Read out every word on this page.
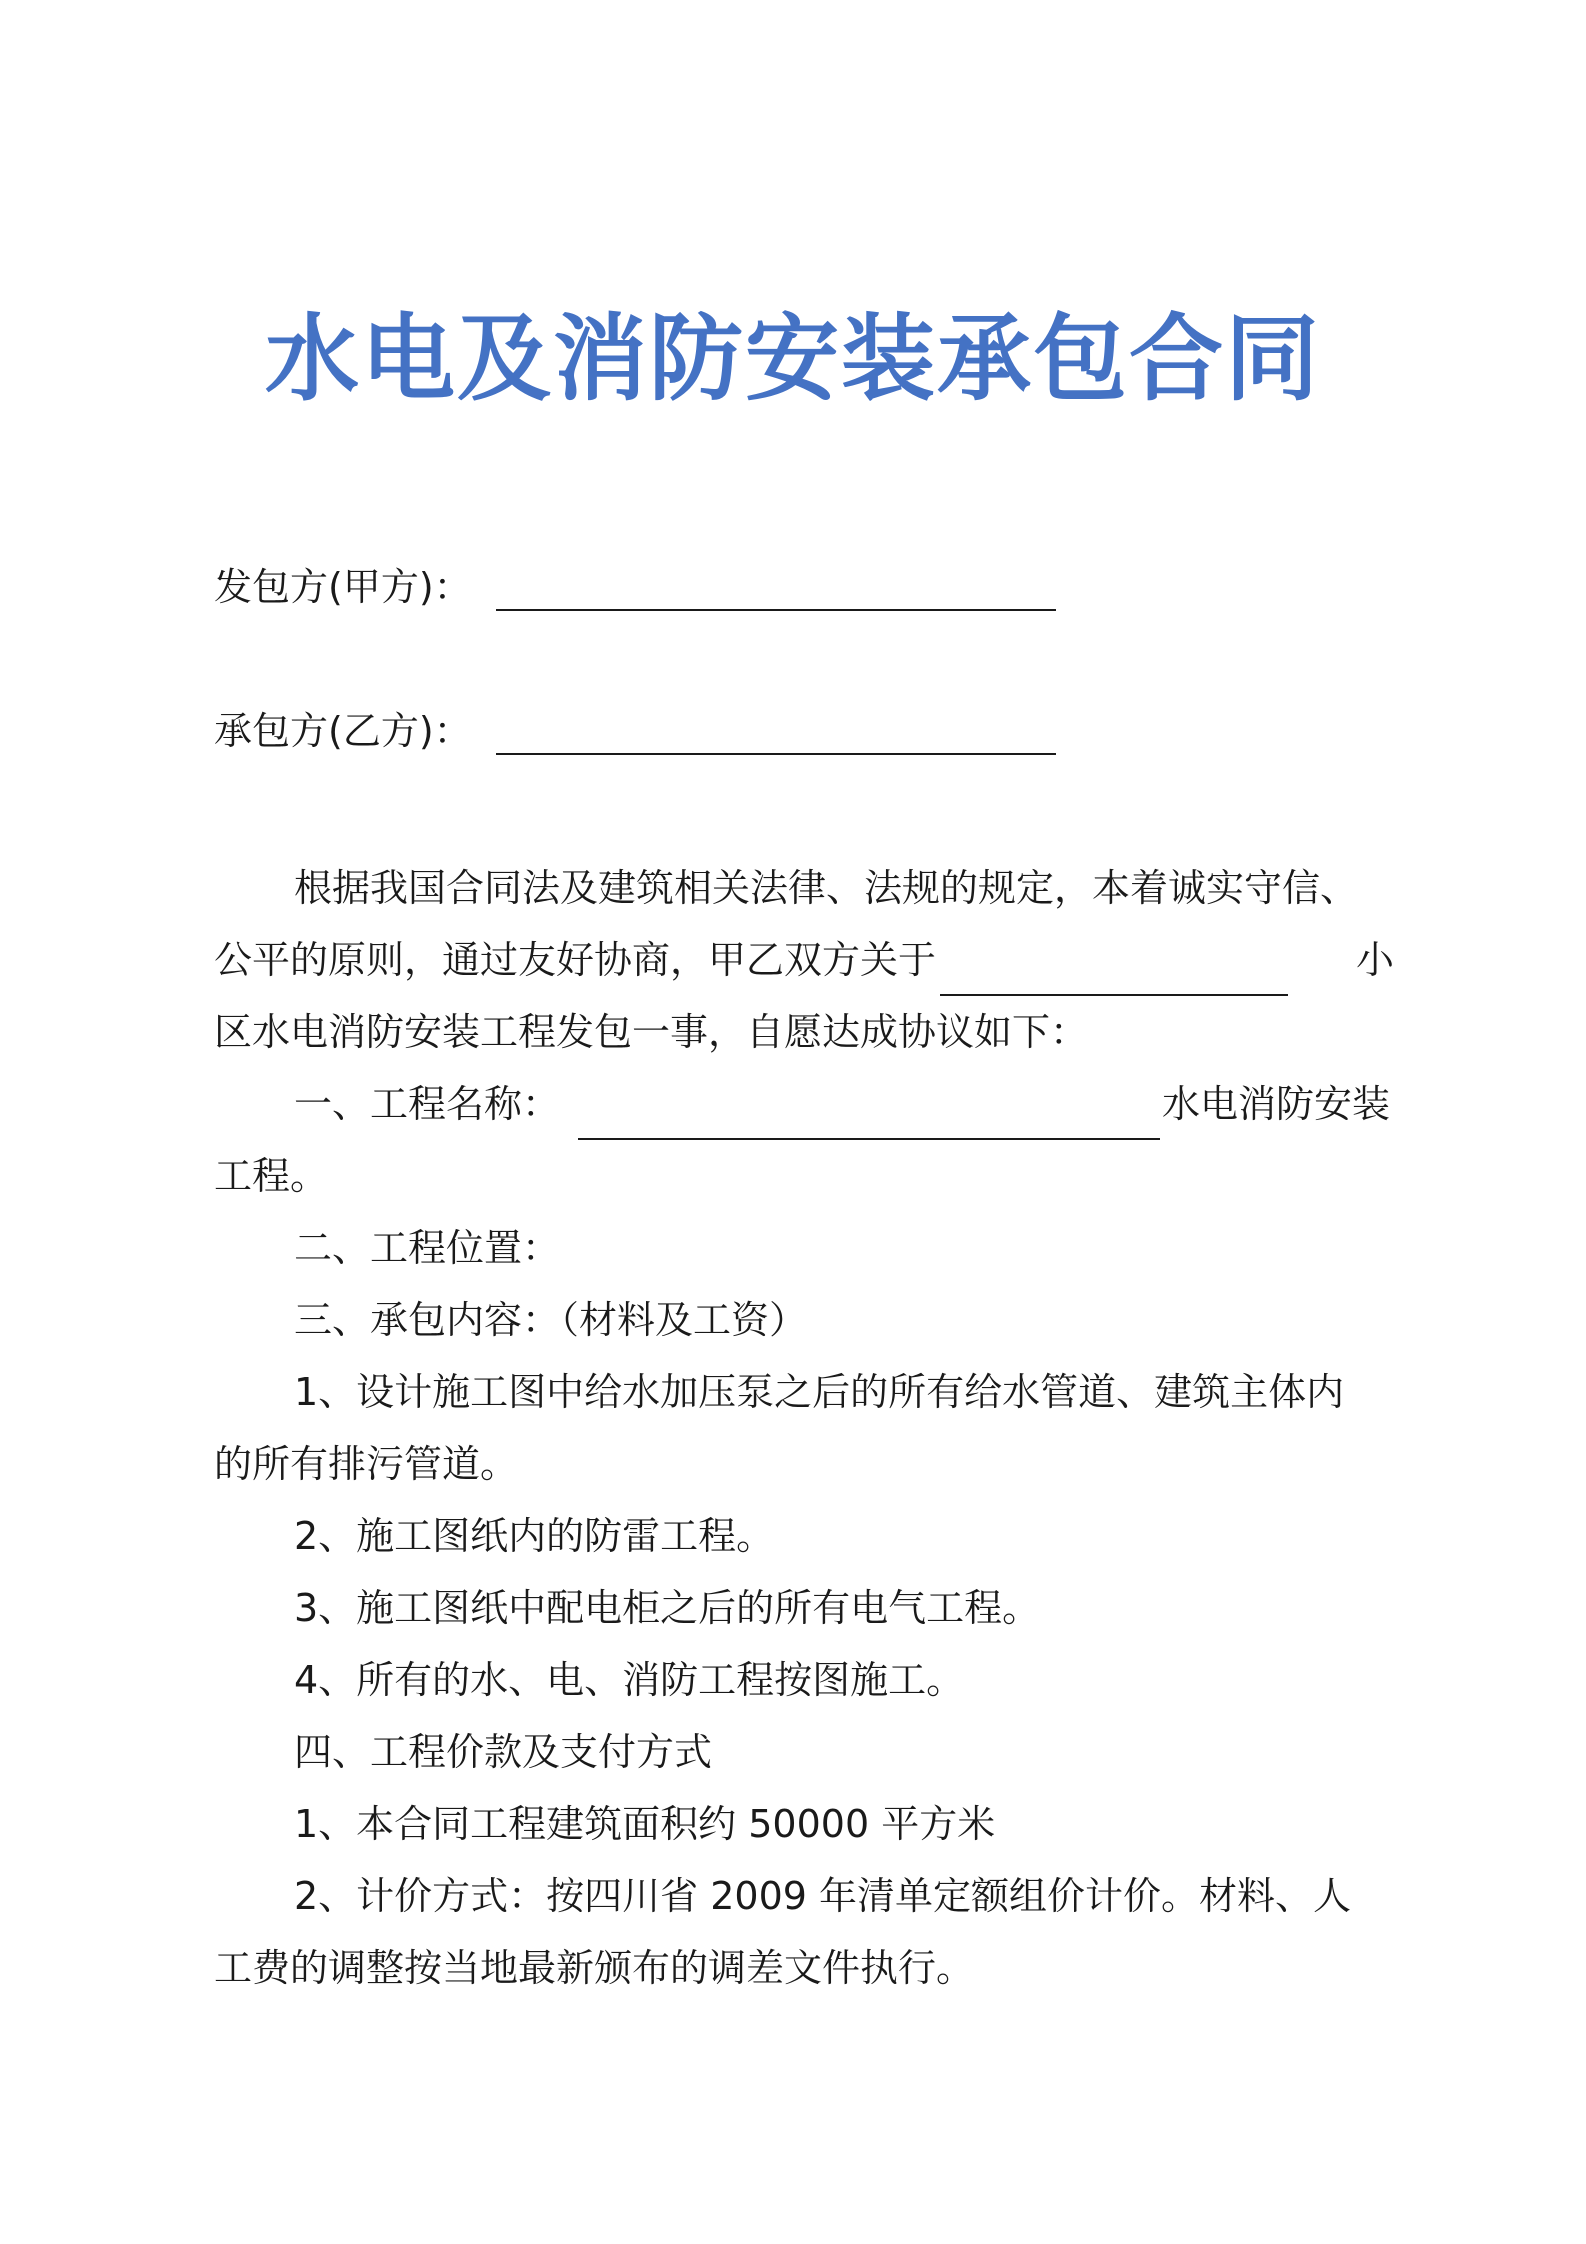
水电及消防安装承包合同
发包方(甲方)：
承包方(乙方)：
根据我国合同法及建筑相关法律、法规的规定，本着诚实守信、
公平的原则，通过友好协商，甲乙双方关于	小
区水电消防安装工程发包一事，自愿达成协议如下：
一、工程名称：	水电消防安装
工程。
二、工程位置：
三、承包内容：（材料及工资）
1、设计施工图中给水加压泵之后的所有给水管道、建筑主体内
的所有排污管道。
2、施工图纸内的防雷工程。
3、施工图纸中配电柜之后的所有电气工程。
4、所有的水、电、消防工程按图施工。
四、工程价款及支付方式
1、本合同工程建筑面积约 50000 平方米
2、计价方式：按四川省 2009 年清单定额组价计价。材料、人
工费的调整按当地最新颁布的调差文件执行。
